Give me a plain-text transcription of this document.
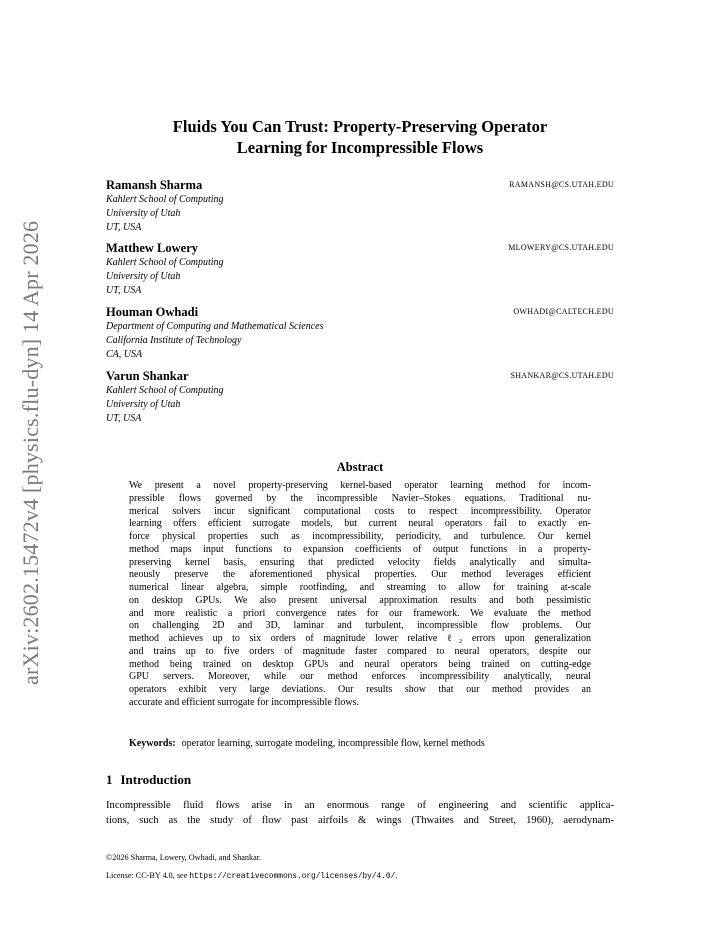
arXiv:2602.15472v4 [physics.flu-dyn] 14 Apr 2026
Fluids You Can Trust: Property-Preserving Operator
Learning for Incompressible Flows
Ramansh Sharma	RAMANSH@CS.UTAH.EDU
Kahlert School of Computing
University of Utah
UT, USA
Matthew Lowery	MLOWERY@CS.UTAH.EDU
Kahlert School of Computing
University of Utah
UT, USA
Houman Owhadi	OWHADI@CALTECH.EDU
Department of Computing and Mathematical Sciences
California Institute of Technology
CA, USA
Varun Shankar	SHANKAR@CS.UTAH.EDU
Kahlert School of Computing
University of Utah
UT, USA
Abstract
We present a novel property-preserving kernel-based operator learning method for incom-
pressible flows governed by the incompressible Navier–Stokes equations. Traditional nu-
merical solvers incur significant computational costs to respect incompressibility. Operator
learning offers efficient surrogate models, but current neural operators fail to exactly en-
force physical properties such as incompressibility, periodicity, and turbulence. Our kernel
method maps input functions to expansion coefficients of output functions in a property-
preserving kernel basis, ensuring that predicted velocity fields analytically and simulta-
neously preserve the aforementioned physical properties. Our method leverages efficient
numerical linear algebra, simple rootfinding, and streaming to allow for training at-scale
on desktop GPUs. We also present universal approximation results and both pessimistic
and more realistic a priori convergence rates for our framework. We evaluate the method
on challenging 2D and 3D, laminar and turbulent, incompressible flow problems. Our
method achieves up to six orders of magnitude lower relative ℓ₂ errors upon generalization
and trains up to five orders of magnitude faster compared to neural operators, despite our
method being trained on desktop GPUs and neural operators being trained on cutting-edge
GPU servers. Moreover, while our method enforces incompressibility analytically, neural
operators exhibit very large deviations. Our results show that our method provides an
accurate and efficient surrogate for incompressible flows.
Keywords: operator learning, surrogate modeling, incompressible flow, kernel methods
1 Introduction
Incompressible fluid flows arise in an enormous range of engineering and scientific applica-
tions, such as the study of flow past airfoils & wings (Thwaites and Street, 1960), aerodynam-
©2026 Sharma, Lowery, Owhadi, and Shankar.
License: CC-BY 4.0, see https://creativecommons.org/licenses/by/4.0/.
